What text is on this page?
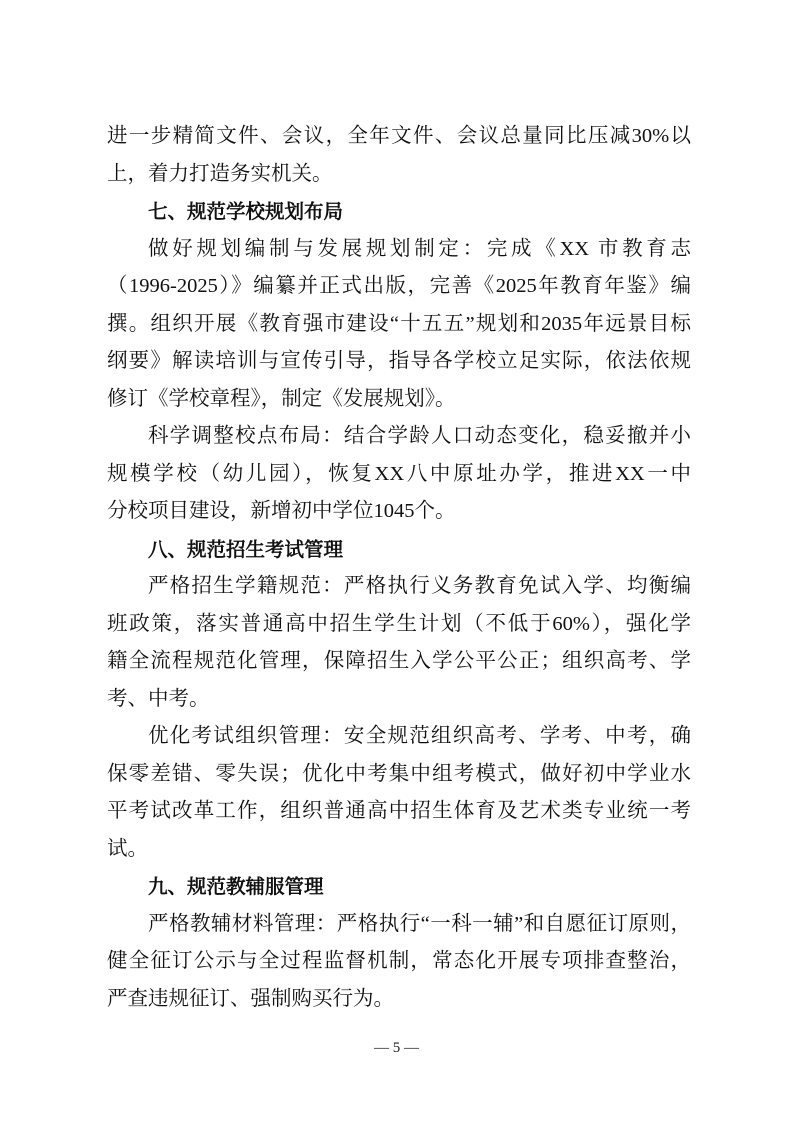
进一步精简文件、会议，全年文件、会议总量同比压减30%以
上，着力打造务实机关。
七、规范学校规划布局
做好规划编制与发展规划制定：完成《XX 市教育志
（1996-2025）》编纂并正式出版，完善《2025年教育年鉴》编
撰。组织开展《教育强市建设“十五五”规划和2035年远景目标
纲要》解读培训与宣传引导，指导各学校立足实际，依法依规
修订《学校章程》，制定《发展规划》。
科学调整校点布局：结合学龄人口动态变化，稳妥撤并小
规模学校（幼儿园），恢复XX八中原址办学，推进XX一中
分校项目建设，新增初中学位1045个。
八、规范招生考试管理
严格招生学籍规范：严格执行义务教育免试入学、均衡编
班政策，落实普通高中招生学生计划（不低于60%），强化学
籍全流程规范化管理，保障招生入学公平公正；组织高考、学
考、中考。
优化考试组织管理：安全规范组织高考、学考、中考，确
保零差错、零失误；优化中考集中组考模式，做好初中学业水
平考试改革工作，组织普通高中招生体育及艺术类专业统一考
试。
九、规范教辅服管理
严格教辅材料管理：严格执行“一科一辅”和自愿征订原则，
健全征订公示与全过程监督机制，常态化开展专项排查整治，
严查违规征订、强制购买行为。
— 5 —
